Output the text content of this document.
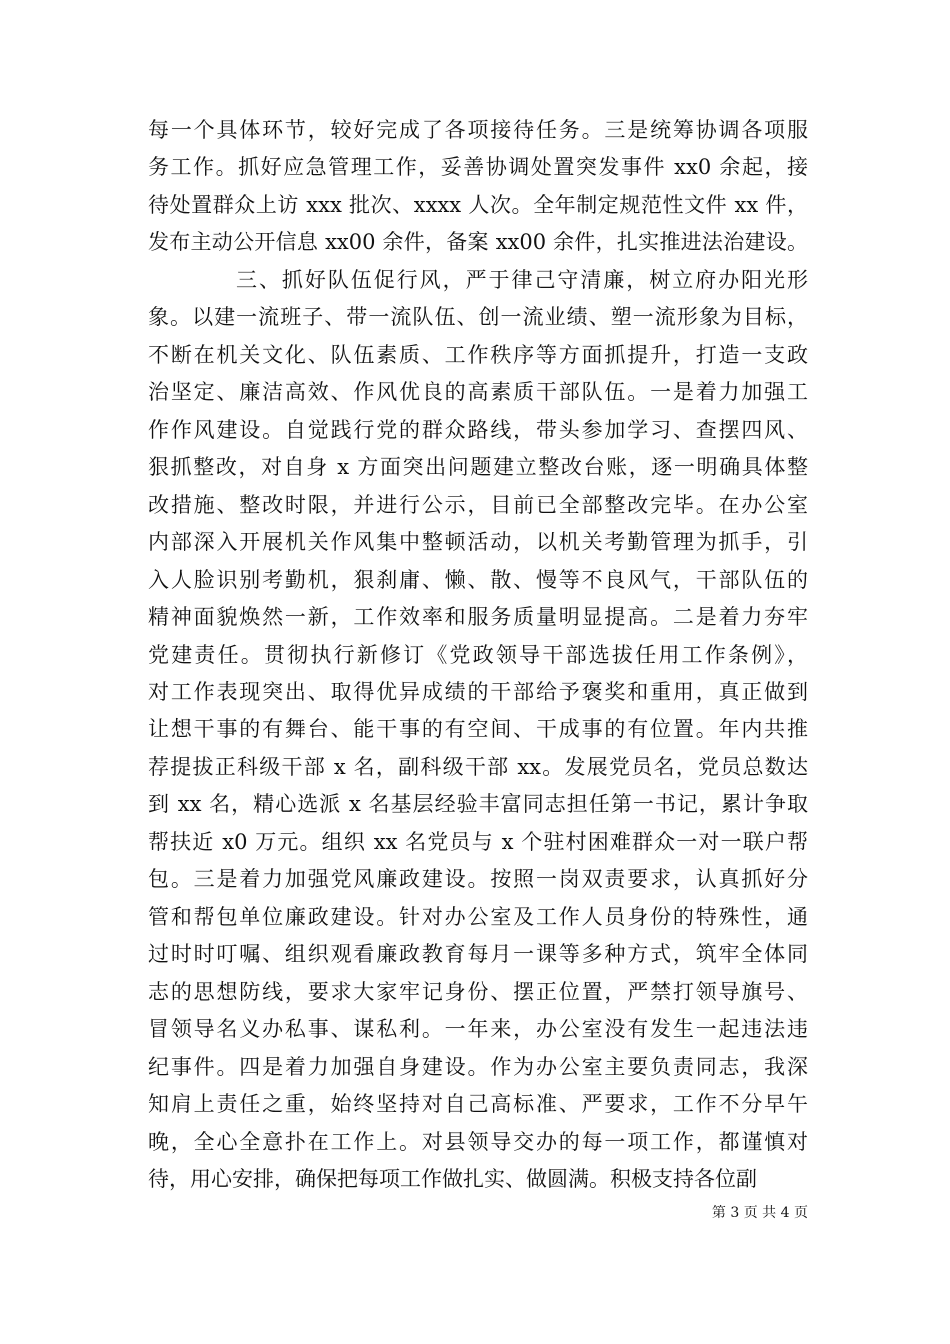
每一个具体环节，较好完成了各项接待任务。三是统筹协调各项服
务工作。抓好应急管理工作，妥善协调处置突发事件 xx0 余起，接
待处置群众上访 xxx 批次、xxxx 人次。全年制定规范性文件 xx 件，
发布主动公开信息 xx00 余件，备案 xx00 余件，扎实推进法治建设。
三、抓好队伍促行风，严于律己守清廉，树立府办阳光形
象。以建一流班子、带一流队伍、创一流业绩、塑一流形象为目标，
不断在机关文化、队伍素质、工作秩序等方面抓提升，打造一支政
治坚定、廉洁高效、作风优良的高素质干部队伍。一是着力加强工
作作风建设。自觉践行党的群众路线，带头参加学习、查摆四风、
狠抓整改，对自身 x 方面突出问题建立整改台账，逐一明确具体整
改措施、整改时限，并进行公示，目前已全部整改完毕。在办公室
内部深入开展机关作风集中整顿活动，以机关考勤管理为抓手，引
入人脸识别考勤机，狠刹庸、懒、散、慢等不良风气，干部队伍的
精神面貌焕然一新，工作效率和服务质量明显提高。二是着力夯牢
党建责任。贯彻执行新修订《党政领导干部选拔任用工作条例》，
对工作表现突出、取得优异成绩的干部给予褒奖和重用，真正做到
让想干事的有舞台、能干事的有空间、干成事的有位置。年内共推
荐提拔正科级干部 x 名，副科级干部 xx。发展党员名，党员总数达
到 xx 名，精心选派 x 名基层经验丰富同志担任第一书记，累计争取
帮扶近 x0 万元。组织 xx 名党员与 x 个驻村困难群众一对一联户帮
包。三是着力加强党风廉政建设。按照一岗双责要求，认真抓好分
管和帮包单位廉政建设。针对办公室及工作人员身份的特殊性，通
过时时叮嘱、组织观看廉政教育每月一课等多种方式，筑牢全体同
志的思想防线，要求大家牢记身份、摆正位置，严禁打领导旗号、
冒领导名义办私事、谋私利。一年来，办公室没有发生一起违法违
纪事件。四是着力加强自身建设。作为办公室主要负责同志，我深
知肩上责任之重，始终坚持对自己高标准、严要求，工作不分早午
晚，全心全意扑在工作上。对县领导交办的每一项工作，都谨慎对
待，用心安排，确保把每项工作做扎实、做圆满。积极支持各位副
第 3 页 共 4 页
